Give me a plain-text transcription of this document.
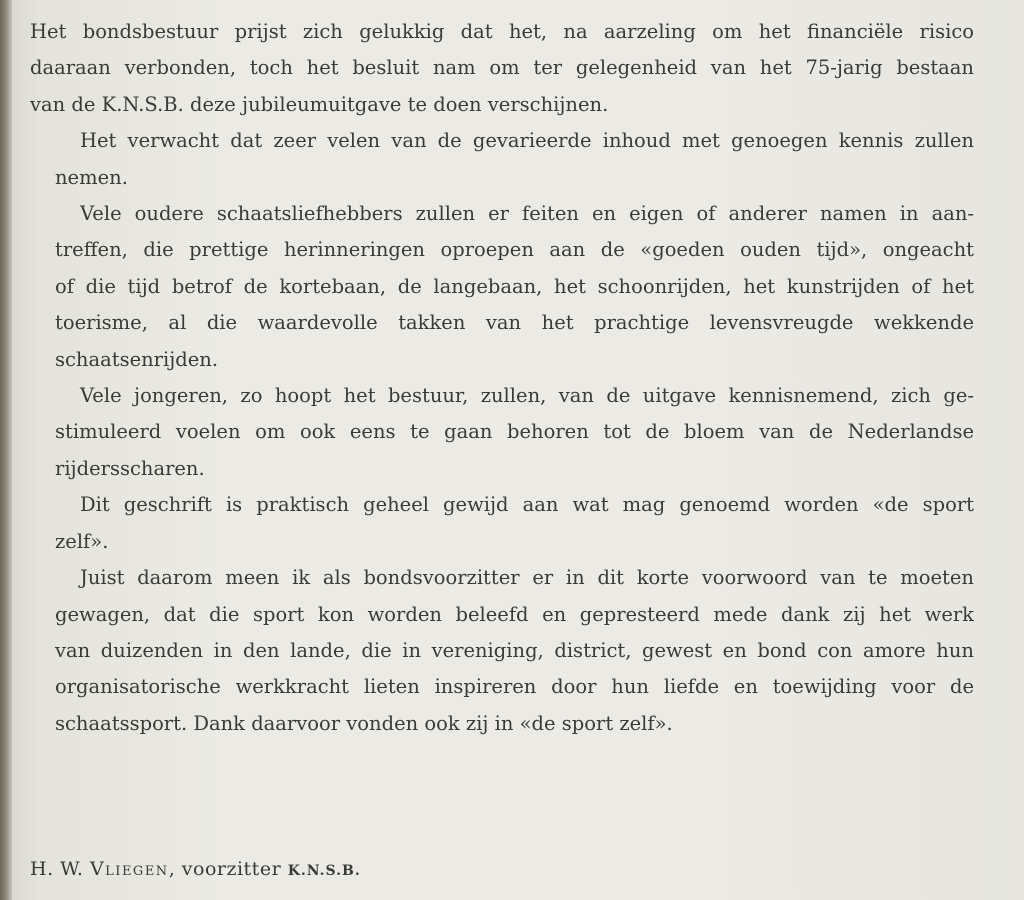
Het bondsbestuur prijst zich gelukkig dat het, na aarzeling om het financiële risico
daaraan verbonden, toch het besluit nam om ter gelegenheid van het 75-jarig bestaan
van de K.N.S.B. deze jubileumuitgave te doen verschijnen.
Het verwacht dat zeer velen van de gevarieerde inhoud met genoegen kennis zullen
nemen.
Vele oudere schaatsliefhebbers zullen er feiten en eigen of anderer namen in aan-
treffen, die prettige herinneringen oproepen aan de «goeden ouden tijd», ongeacht
of die tijd betrof de kortebaan, de langebaan, het schoonrijden, het kunstrijden of het
toerisme, al die waardevolle takken van het prachtige levensvreugde wekkende
schaatsenrijden.
Vele jongeren, zo hoopt het bestuur, zullen, van de uitgave kennisnemend, zich ge-
stimuleerd voelen om ook eens te gaan behoren tot de bloem van de Nederlandse
rijdersscharen.
Dit geschrift is praktisch geheel gewijd aan wat mag genoemd worden «de sport
zelf».
Juist daarom meen ik als bondsvoorzitter er in dit korte voorwoord van te moeten
gewagen, dat die sport kon worden beleefd en gepresteerd mede dank zij het werk
van duizenden in den lande, die in vereniging, district, gewest en bond con amore hun
organisatorische werkkracht lieten inspireren door hun liefde en toewijding voor de
schaatssport. Dank daarvoor vonden ook zij in «de sport zelf».
H. W. Vliegen, voorzitter K.N.S.B.
